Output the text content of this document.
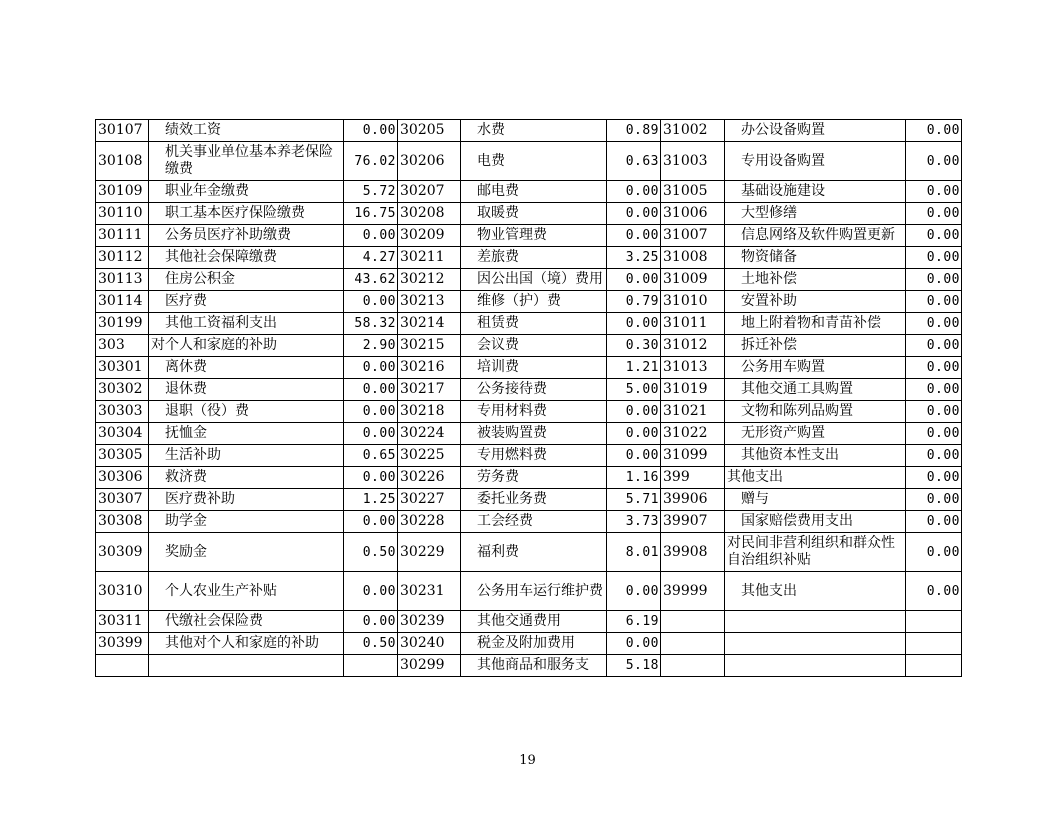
30107	绩效工资	0.00	30205	水费	0.89	31002	办公设备购置	0.00
30108	机关事业单位基本养老保险缴费	76.02	30206	电费	0.63	31003	专用设备购置	0.00
30109	职业年金缴费	5.72	30207	邮电费	0.00	31005	基础设施建设	0.00
30110	职工基本医疗保险缴费	16.75	30208	取暖费	0.00	31006	大型修缮	0.00
30111	公务员医疗补助缴费	0.00	30209	物业管理费	0.00	31007	信息网络及软件购置更新	0.00
30112	其他社会保障缴费	4.27	30211	差旅费	3.25	31008	物资储备	0.00
30113	住房公积金	43.62	30212	因公出国（境）费用	0.00	31009	土地补偿	0.00
30114	医疗费	0.00	30213	维修（护）费	0.79	31010	安置补助	0.00
30199	其他工资福利支出	58.32	30214	租赁费	0.00	31011	地上附着物和青苗补偿	0.00
303	对个人和家庭的补助	2.90	30215	会议费	0.30	31012	拆迁补偿	0.00
30301	离休费	0.00	30216	培训费	1.21	31013	公务用车购置	0.00
30302	退休费	0.00	30217	公务接待费	5.00	31019	其他交通工具购置	0.00
30303	退职（役）费	0.00	30218	专用材料费	0.00	31021	文物和陈列品购置	0.00
30304	抚恤金	0.00	30224	被装购置费	0.00	31022	无形资产购置	0.00
30305	生活补助	0.65	30225	专用燃料费	0.00	31099	其他资本性支出	0.00
30306	救济费	0.00	30226	劳务费	1.16	399	其他支出	0.00
30307	医疗费补助	1.25	30227	委托业务费	5.71	39906	赠与	0.00
30308	助学金	0.00	30228	工会经费	3.73	39907	国家赔偿费用支出	0.00
30309	奖励金	0.50	30229	福利费	8.01	39908	对民间非营利组织和群众性自治组织补贴	0.00
30310	个人农业生产补贴	0.00	30231	公务用车运行维护费	0.00	39999	其他支出	0.00
30311	代缴社会保险费	0.00	30239	其他交通费用	6.19			
30399	其他对个人和家庭的补助	0.50	30240	税金及附加费用	0.00			
			30299	其他商品和服务支	5.18			
19
